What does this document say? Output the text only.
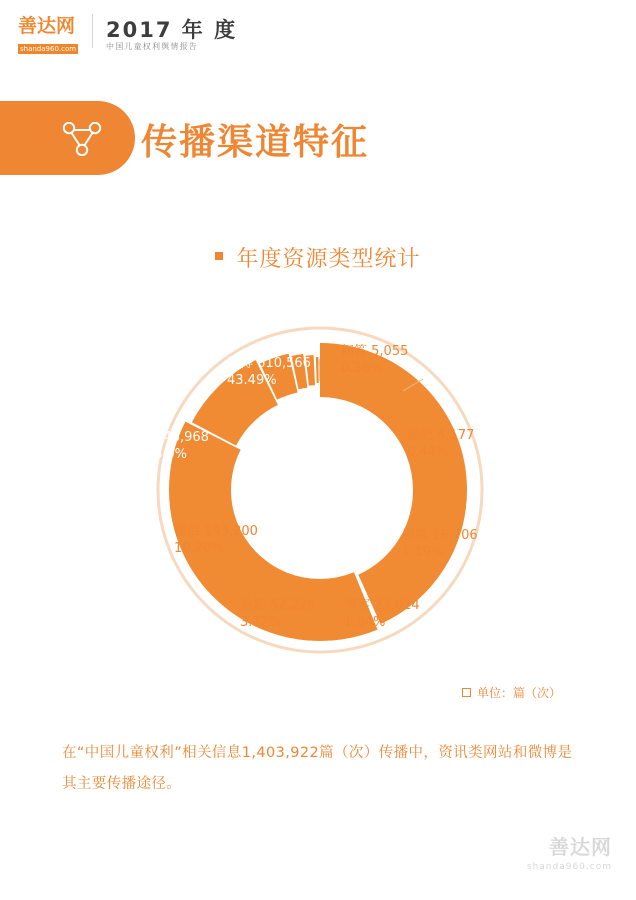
善达网
shanda960.com
2017 年 度
中国儿童权利舆情报告
传播渠道特征
年度资源类型统计
微博 610,566
43.49%
资讯 546,968
38.96.0%
微信 143,200
10.20%
论坛 52,226
3.72%
博客 23,024
1.64%
视频 16,706
1.19%
贴吧 6,177
0.44%
问答 5,055
0.36%
单位：篇（次）
在“中国儿童权利”相关信息1,403,922篇（次）传播中，资讯类网站和微博是其主要传播途径。
善达网
shanda960.com
